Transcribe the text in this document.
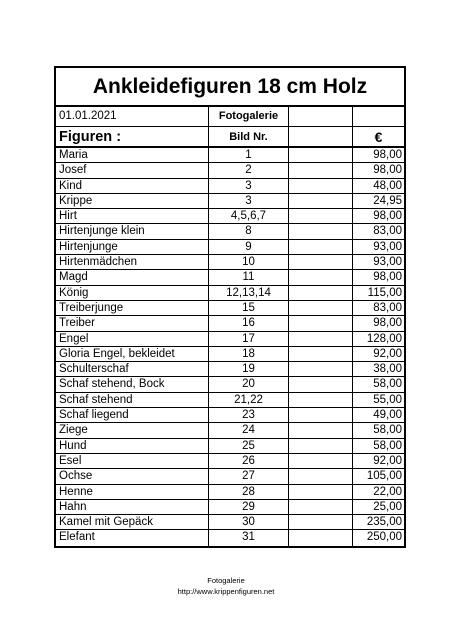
Ankleidefiguren 18 cm Holz
01.01.2021	Fotogalerie
Figuren :	Bild Nr.	€
Maria	1	98,00
Josef	2	98,00
Kind	3	48,00
Krippe	3	24,95
Hirt	4,5,6,7	98,00
Hirtenjunge klein	8	83,00
Hirtenjunge	9	93,00
Hirtenmädchen	10	93,00
Magd	11	98,00
König	12,13,14	115,00
Treiberjunge	15	83,00
Treiber	16	98,00
Engel	17	128,00
Gloria Engel, bekleidet	18	92,00
Schulterschaf	19	38,00
Schaf stehend, Bock	20	58,00
Schaf stehend	21,22	55,00
Schaf liegend	23	49,00
Ziege	24	58,00
Hund	25	58,00
Esel	26	92,00
Ochse	27	105,00
Henne	28	22,00
Hahn	29	25,00
Kamel mit Gepäck	30	235,00
Elefant	31	250,00
Fotogalerie
http://www.krippenfiguren.net
